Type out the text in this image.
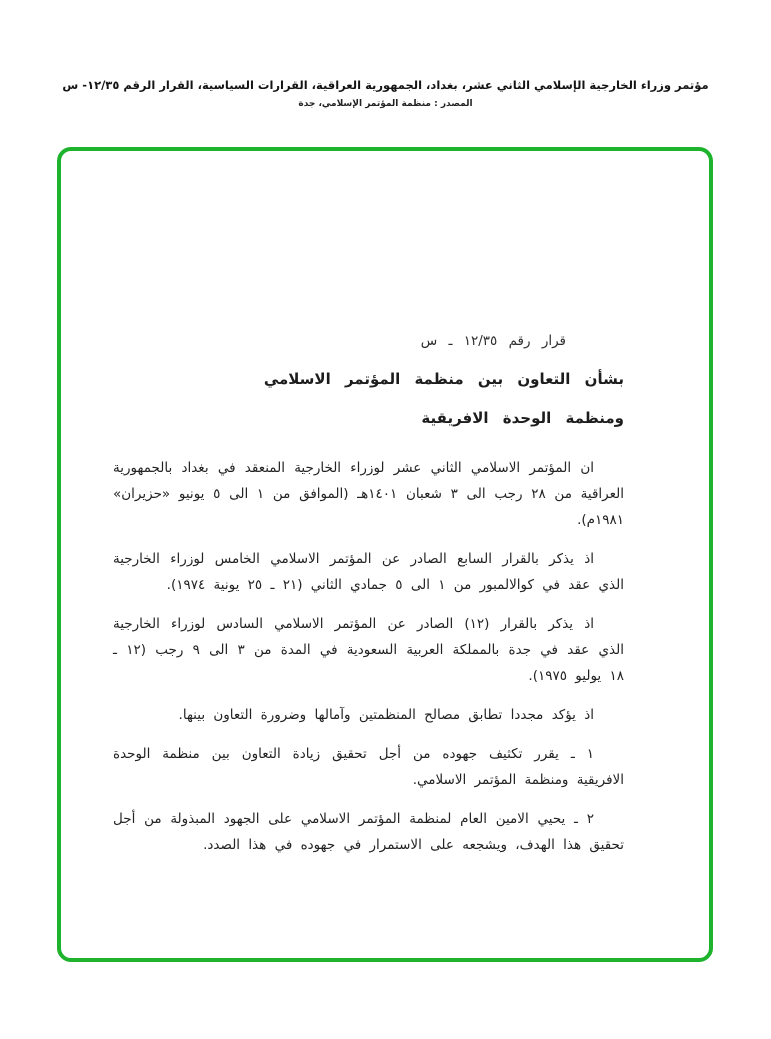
مؤتمر وزراء الخارجية الإسلامي الثاني عشر، بغداد، الجمهورية العراقية، القرارات السياسية، القرار الرقم ١٢/٣٥- س
المصدر : منظمة المؤتمر الإسلامي، جدة
قرار رقم ١٢/٣٥ ـ س
بشأن التعاون بين منظمة المؤتمر الاسلامي
ومنظمة الوحدة الافريقية

ان المؤتمر الاسلامي الثاني عشر لوزراء الخارجية المنعقد في بغداد بالجمهورية العراقية من ٢٨ رجب الى ٣ شعبان ١٤٠١هـ (الموافق من ١ الى ٥ يونيو «حزيران» ١٩٨١م).

اذ يذكر بالقرار السابع الصادر عن المؤتمر الاسلامي الخامس لوزراء الخارجية الذي عقد في كوالالمبور من ١ الى ٥ جمادي الثاني (٢١ ـ ٢٥ يونية ١٩٧٤).

اذ يذكر بالقرار (١٢) الصادر عن المؤتمر الاسلامي السادس لوزراء الخارجية الذي عقد في جدة بالمملكة العربية السعودية في المدة من ٣ الى ٩ رجب (١٢ ـ ١٨ يوليو ١٩٧٥).

اذ يؤكد مجددا تطابق مصالح المنظمتين وآمالها وضرورة التعاون بينها.

١ ـ يقرر تكثيف جهوده من أجل تحقيق زيادة التعاون بين منظمة الوحدة الافريقية ومنظمة المؤتمر الاسلامي.

٢ ـ يحيي الامين العام لمنظمة المؤتمر الاسلامي على الجهود المبذولة من أجل تحقيق هذا الهدف، ويشجعه على الاستمرار في جهوده في هذا الصدد.
